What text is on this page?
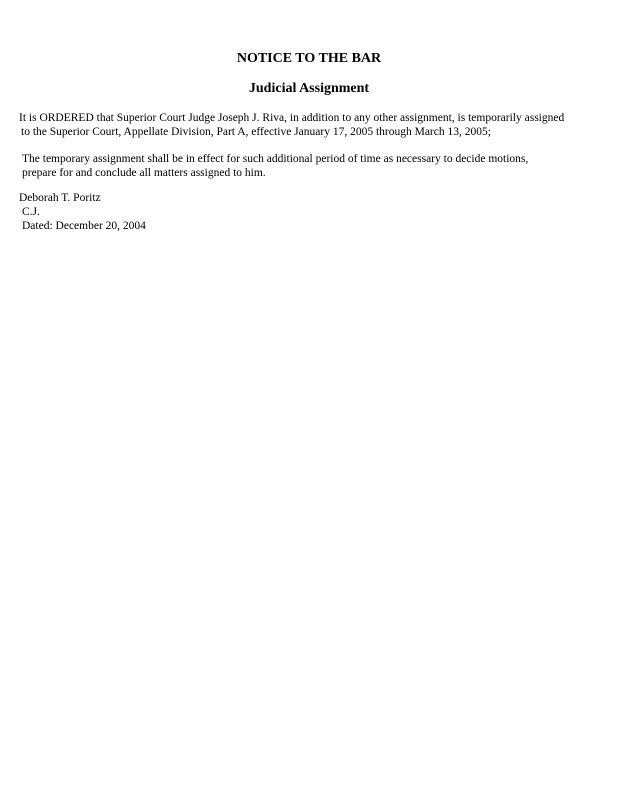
NOTICE TO THE BAR
Judicial Assignment
It is ORDERED that Superior Court Judge Joseph J. Riva, in addition to any other assignment, is temporarily assigned
to the Superior Court, Appellate Division, Part A, effective January 17, 2005 through March 13, 2005;
The temporary assignment shall be in effect for such additional period of time as necessary to decide motions,
prepare for and conclude all matters assigned to him.
Deborah T. Poritz
C.J.
Dated: December 20, 2004
